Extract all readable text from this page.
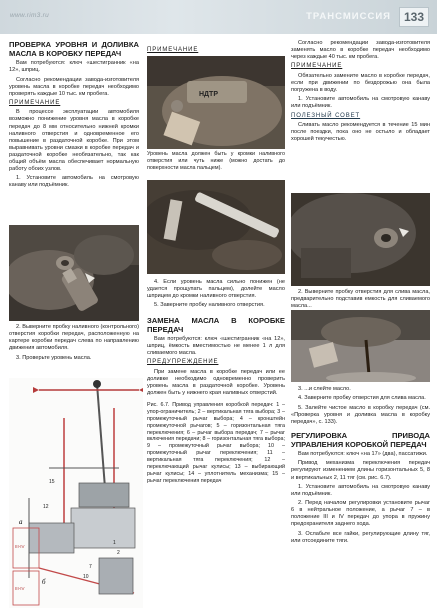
www.rim3.ru	ТРАНСМИССИЯ	133

ПРОВЕРКА УРОВНЯ И ДОЛИВКА МАСЛА В КОРОБКУ ПЕРЕДАЧ

Вам потребуются: ключ «шестигранник «на 12», шприц.

Согласно рекомендации завода-изготовителя уровень масла в коробке передач необходимо проверять каждые 10 тыс. км пробега.

ПРИМЕЧАНИЕ

В процессе эксплуатации автомобиля возможно понижение уровня масла в коробке передач до 8 мм относительно нижней кромки наливного отверстия и одновременное его повышение в раздаточной коробке. При этом выравнивать уровни смазки в коробке передач и раздаточной коробке необязательно, так как общий объём масла обеспечивает нормальную работу обоих узлов.

1. Установите автомобиль на смотровую канаву или подъёмник.

2. Выверните пробку наливного (контрольного) отверстия коробки передач, расположенную на картере коробки передач слева по направлению движения автомобиля.

3. Проверьте уровень масла.

а
б
III-IV
III-IV
15
12
1
2
7
10

ПРИМЕЧАНИЕ

НДТР

Уровень масла должен быть у кромки наливного отверстия или чуть ниже (можно достать до поверхности масла пальцем).

4. Если уровень масла сильно понижен (не удается прощупать пальцем), долейте масло шприцем до кромки наливного отверстия.

5. Заверните пробку наливного отверстия.

ЗАМЕНА МАСЛА В КОРОБКЕ ПЕРЕДАЧ

Вам потребуются: ключ «шестигранник «на 12», шприц, ёмкость вместимостью не менее 1 л для сливаемого масла.

ПРЕДУПРЕЖДЕНИЕ

При замене масла в коробке передач или ее доливке необходимо одновременно проверить уровень масла в раздаточной коробке. Уровень должен быть у нижнего края наливных отверстий.

Рис. 6.7. Привод управления коробкой передач: 1 – упор-ограничитель; 2 – вертикальная тяга выбора; 3 – промежуточный рычаг выбора; 4 – кронштейн промежуточной рычагов; 5 – горизонтальная тяга переключения; 6 – рычаг выбора передач; 7 – рычаг включения передачи; 8 – горизонтальная тяга выбора; 9 – промежуточный рычаг выбора; 10 – промежуточный рычаг переключения; 11 – вертикальная тяга переключения; 12 – переключающий рычаг кулисы; 13 – выбирающий рычаг кулисы; 14 – уплотнитель механизма; 15 – рычаг переключения передач

Согласно рекомендации завода-изготовителя заменять масло в коробке передач необходимо через каждые 40 тыс. км пробега.

ПРИМЕЧАНИЕ

Обязательно замените масло в коробке передач, если при движении по бездорожью она была погружена в воду.

1. Установите автомобиль на смотровую канаву или подъёмник.

ПОЛЕЗНЫЙ СОВЕТ

Сливать масло рекомендуется в течение 15 мин после поездки, пока оно не остыло и обладает хорошей текучестью.

2. Выверните пробку отверстия для слива масла, предварительно подставив емкость для сливаемого масла...

3. ...и слейте масло.

4. Заверните пробку отверстия для слива масла.

5. Залейте чистое масло в коробку передач (см. «Проверка уровня и доливка масла в коробку передач», с. 133).

РЕГУЛИРОВКА ПРИВОДА УПРАВЛЕНИЯ КОРОБКОЙ ПЕРЕДАЧ

Вам потребуются: ключ «на 17» (два), пассатижи.

Привод механизма переключения передач регулируют изменением длины горизонтальных 5, 8 и вертикальных 2, 11 тяг (см. рис. 6.7).

1. Установите автомобиль на смотровую канаву или подъёмник.

2. Перед началом регулировки установите рычаг 6 в нейтральное положение, а рычаг 7 – в положение III и IV передач до упора в пружину предохранителя заднего хода.

3. Ослабьте все гайки, регулирующие длину тяг, или отсоедините тяги.
